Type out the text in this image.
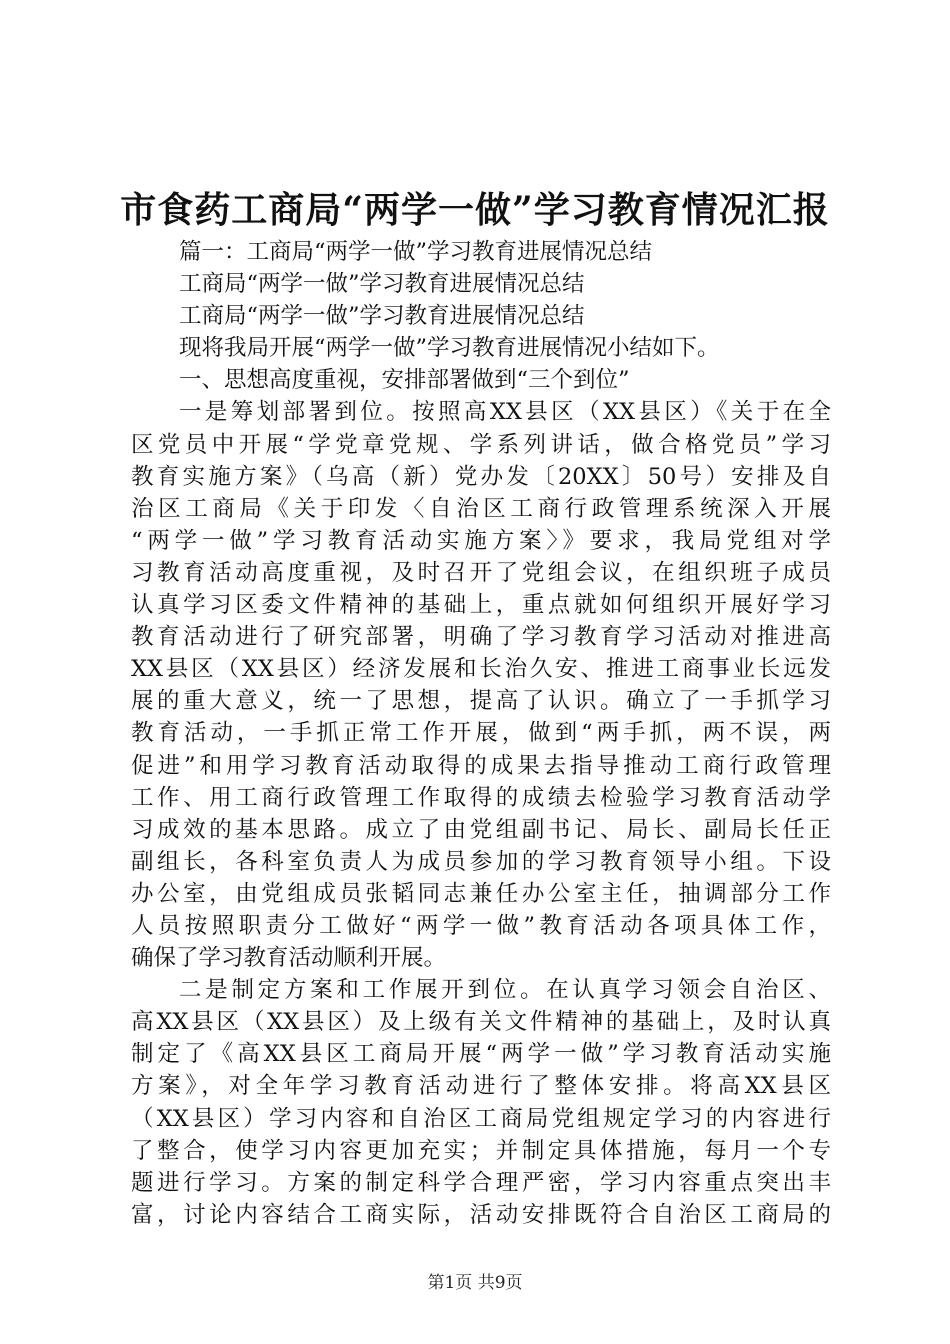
市食药工商局“两学一做”学习教育情况汇报
篇一：工商局“两学一做”学习教育进展情况总结
工商局“两学一做”学习教育进展情况总结
工商局“两学一做”学习教育进展情况总结
现将我局开展“两学一做”学习教育进展情况小结如下。
一、思想高度重视，安排部署做到“三个到位”
一是筹划部署到位。按照高XX县区（XX县区）《关于在全
区党员中开展“学党章党规、学系列讲话，做合格党员”学习
教育实施方案》（乌高（新）党办发〔20XX〕50号）安排及自
治区工商局《关于印发〈自治区工商行政管理系统深入开展
“两学一做”学习教育活动实施方案〉》要求，我局党组对学
习教育活动高度重视，及时召开了党组会议，在组织班子成员
认真学习区委文件精神的基础上，重点就如何组织开展好学习
教育活动进行了研究部署，明确了学习教育学习活动对推进高
XX县区（XX县区）经济发展和长治久安、推进工商事业长远发
展的重大意义，统一了思想，提高了认识。确立了一手抓学习
教育活动，一手抓正常工作开展，做到“两手抓，两不误，两
促进”和用学习教育活动取得的成果去指导推动工商行政管理
工作、用工商行政管理工作取得的成绩去检验学习教育活动学
习成效的基本思路。成立了由党组副书记、局长、副局长任正
副组长，各科室负责人为成员参加的学习教育领导小组。下设
办公室，由党组成员张韬同志兼任办公室主任，抽调部分工作
人员按照职责分工做好“两学一做”教育活动各项具体工作，
确保了学习教育活动顺利开展。
二是制定方案和工作展开到位。在认真学习领会自治区、
高XX县区（XX县区）及上级有关文件精神的基础上，及时认真
制定了《高XX县区工商局开展“两学一做”学习教育活动实施
方案》，对全年学习教育活动进行了整体安排。将高XX县区
（XX县区）学习内容和自治区工商局党组规定学习的内容进行
了整合，使学习内容更加充实；并制定具体措施，每月一个专
题进行学习。方案的制定科学合理严密，学习内容重点突出丰
富，讨论内容结合工商实际，活动安排既符合自治区工商局的
第1页 共9页
